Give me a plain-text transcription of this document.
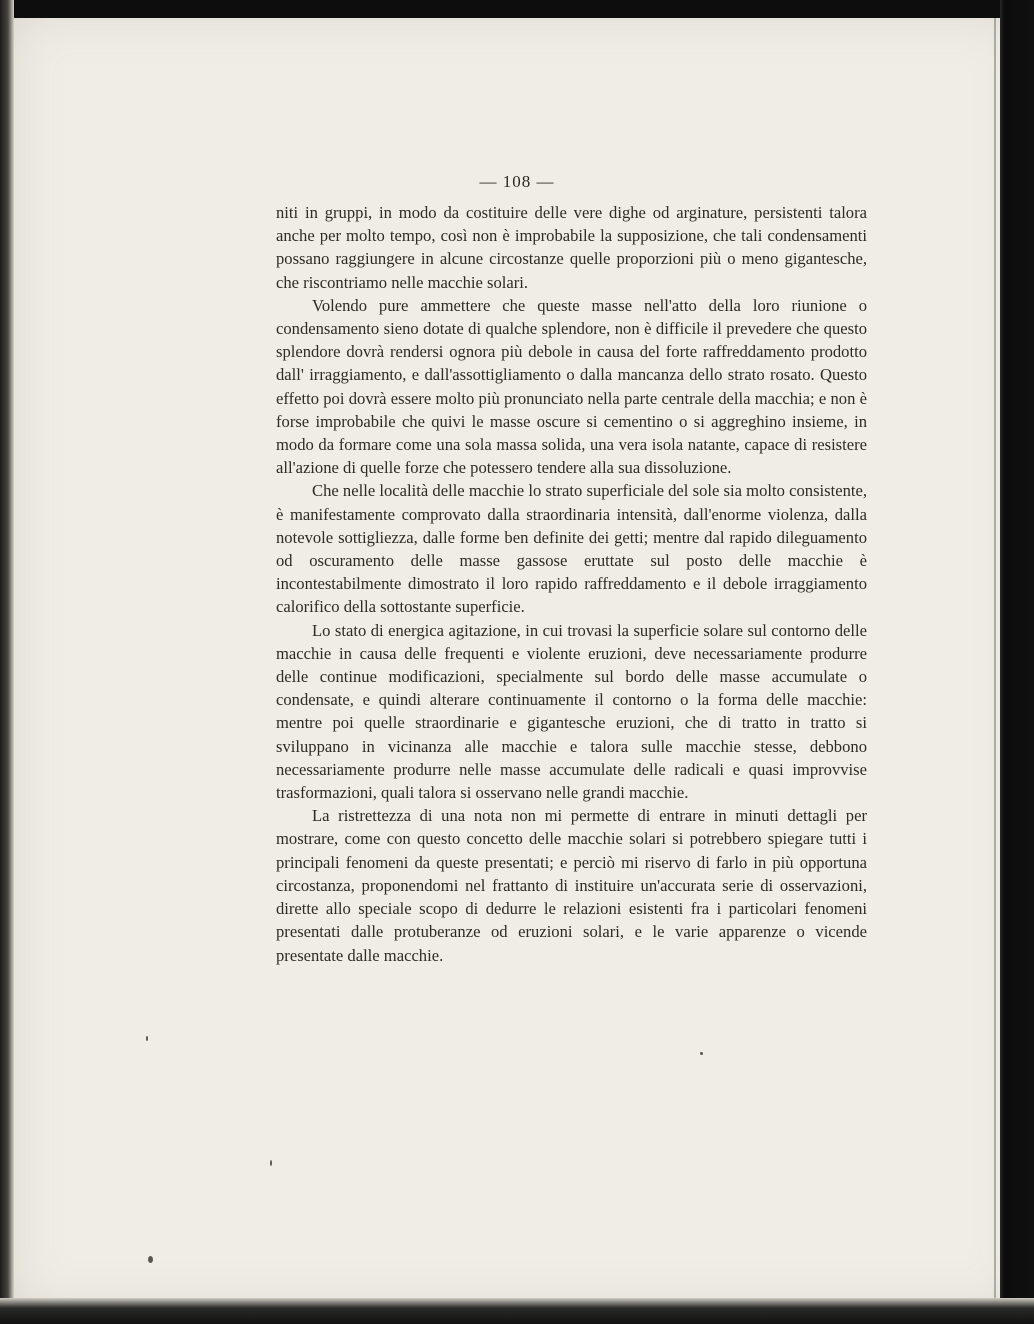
— 108 —

niti in gruppi, in modo da costituire delle vere dighe od arginature, persistenti talora anche per molto tempo, così non è improbabile la supposizione, che tali condensamenti possano raggiungere in alcune circostanze quelle proporzioni più o meno gigantesche, che riscontriamo nelle macchie solari.

Volendo pure ammettere che queste masse nell'atto della loro riunione o condensamento sieno dotate di qualche splendore, non è difficile il prevedere che questo splendore dovrà rendersi ognora più debole in causa del forte raffreddamento prodotto dall' irraggiamento, e dall'assottigliamento o dalla mancanza dello strato rosato. Questo effetto poi dovrà essere molto più pronunciato nella parte centrale della macchia; e non è forse improbabile che quivi le masse oscure si cementino o si aggreghino insieme, in modo da formare come una sola massa solida, una vera isola natante, capace di resistere all'azione di quelle forze che potessero tendere alla sua dissoluzione.

Che nelle località delle macchie lo strato superficiale del sole sia molto consistente, è manifestamente comprovato dalla straordinaria intensità, dall'enorme violenza, dalla notevole sottigliezza, dalle forme ben definite dei getti; mentre dal rapido dileguamento od oscuramento delle masse gassose eruttate sul posto delle macchie è incontestabilmente dimostrato il loro rapido raffreddamento e il debole irraggiamento calorifico della sottostante superficie.

Lo stato di energica agitazione, in cui trovasi la superficie solare sul contorno delle macchie in causa delle frequenti e violente eruzioni, deve necessariamente produrre delle continue modificazioni, specialmente sul bordo delle masse accumulate o condensate, e quindi alterare continuamente il contorno o la forma delle macchie: mentre poi quelle straordinarie e gigantesche eruzioni, che di tratto in tratto si sviluppano in vicinanza alle macchie e talora sulle macchie stesse, debbono necessariamente produrre nelle masse accumulate delle radicali e quasi improvvise trasformazioni, quali talora si osservano nelle grandi macchie.

La ristrettezza di una nota non mi permette di entrare in minuti dettagli per mostrare, come con questo concetto delle macchie solari si potrebbero spiegare tutti i principali fenomeni da queste presentati; e perciò mi riservo di farlo in più opportuna circostanza, proponendomi nel frattanto di instituire un'accurata serie di osservazioni, dirette allo speciale scopo di dedurre le relazioni esistenti fra i particolari fenomeni presentati dalle protuberanze od eruzioni solari, e le varie apparenze o vicende presentate dalle macchie.
